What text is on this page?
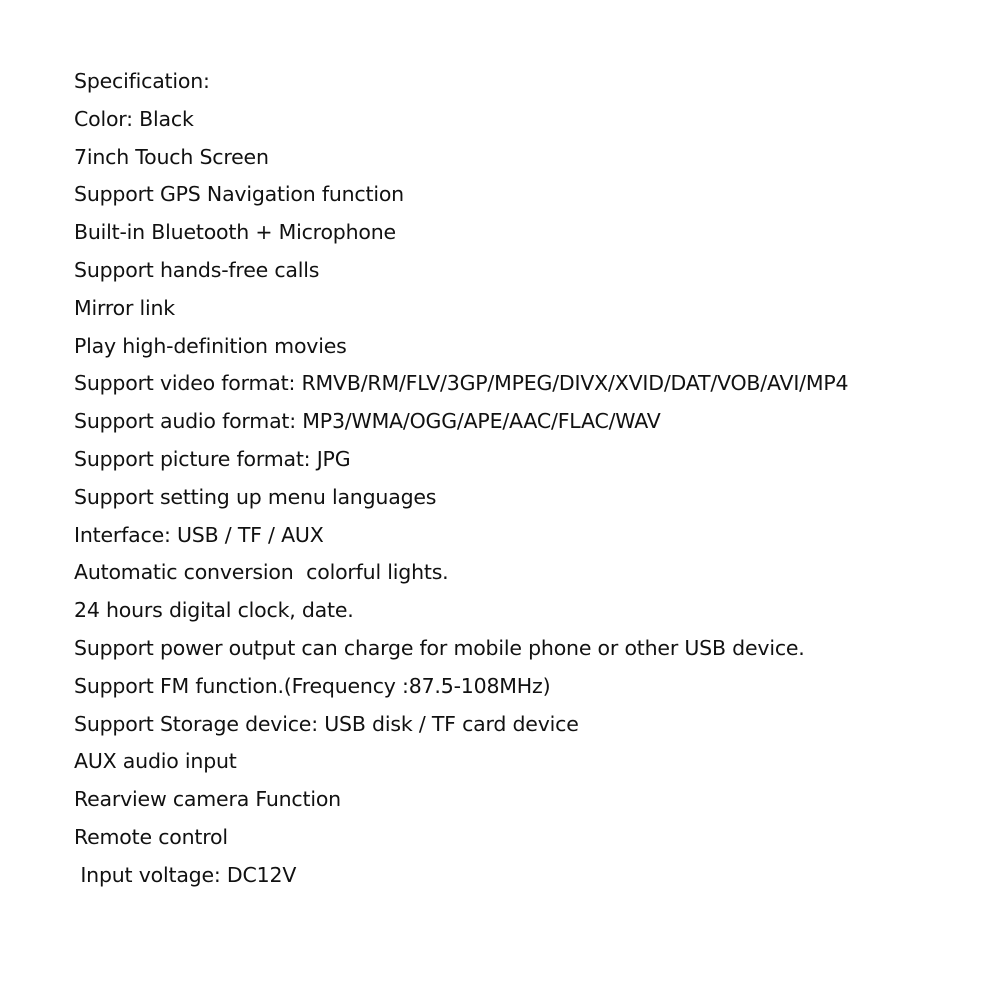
Specification:
Color: Black
7inch Touch Screen
Support GPS Navigation function
Built-in Bluetooth + Microphone
Support hands-free calls
Mirror link
Play high-definition movies
Support video format: RMVB/RM/FLV/3GP/MPEG/DIVX/XVID/DAT/VOB/AVI/MP4
Support audio format: MP3/WMA/OGG/APE/AAC/FLAC/WAV
Support picture format: JPG
Support setting up menu languages
Interface: USB / TF / AUX
Automatic conversion  colorful lights.
24 hours digital clock, date.
Support power output can charge for mobile phone or other USB device.
Support FM function.(Frequency :87.5-108MHz)
Support Storage device: USB disk / TF card device
AUX audio input
Rearview camera Function
Remote control
Input voltage: DC12V
